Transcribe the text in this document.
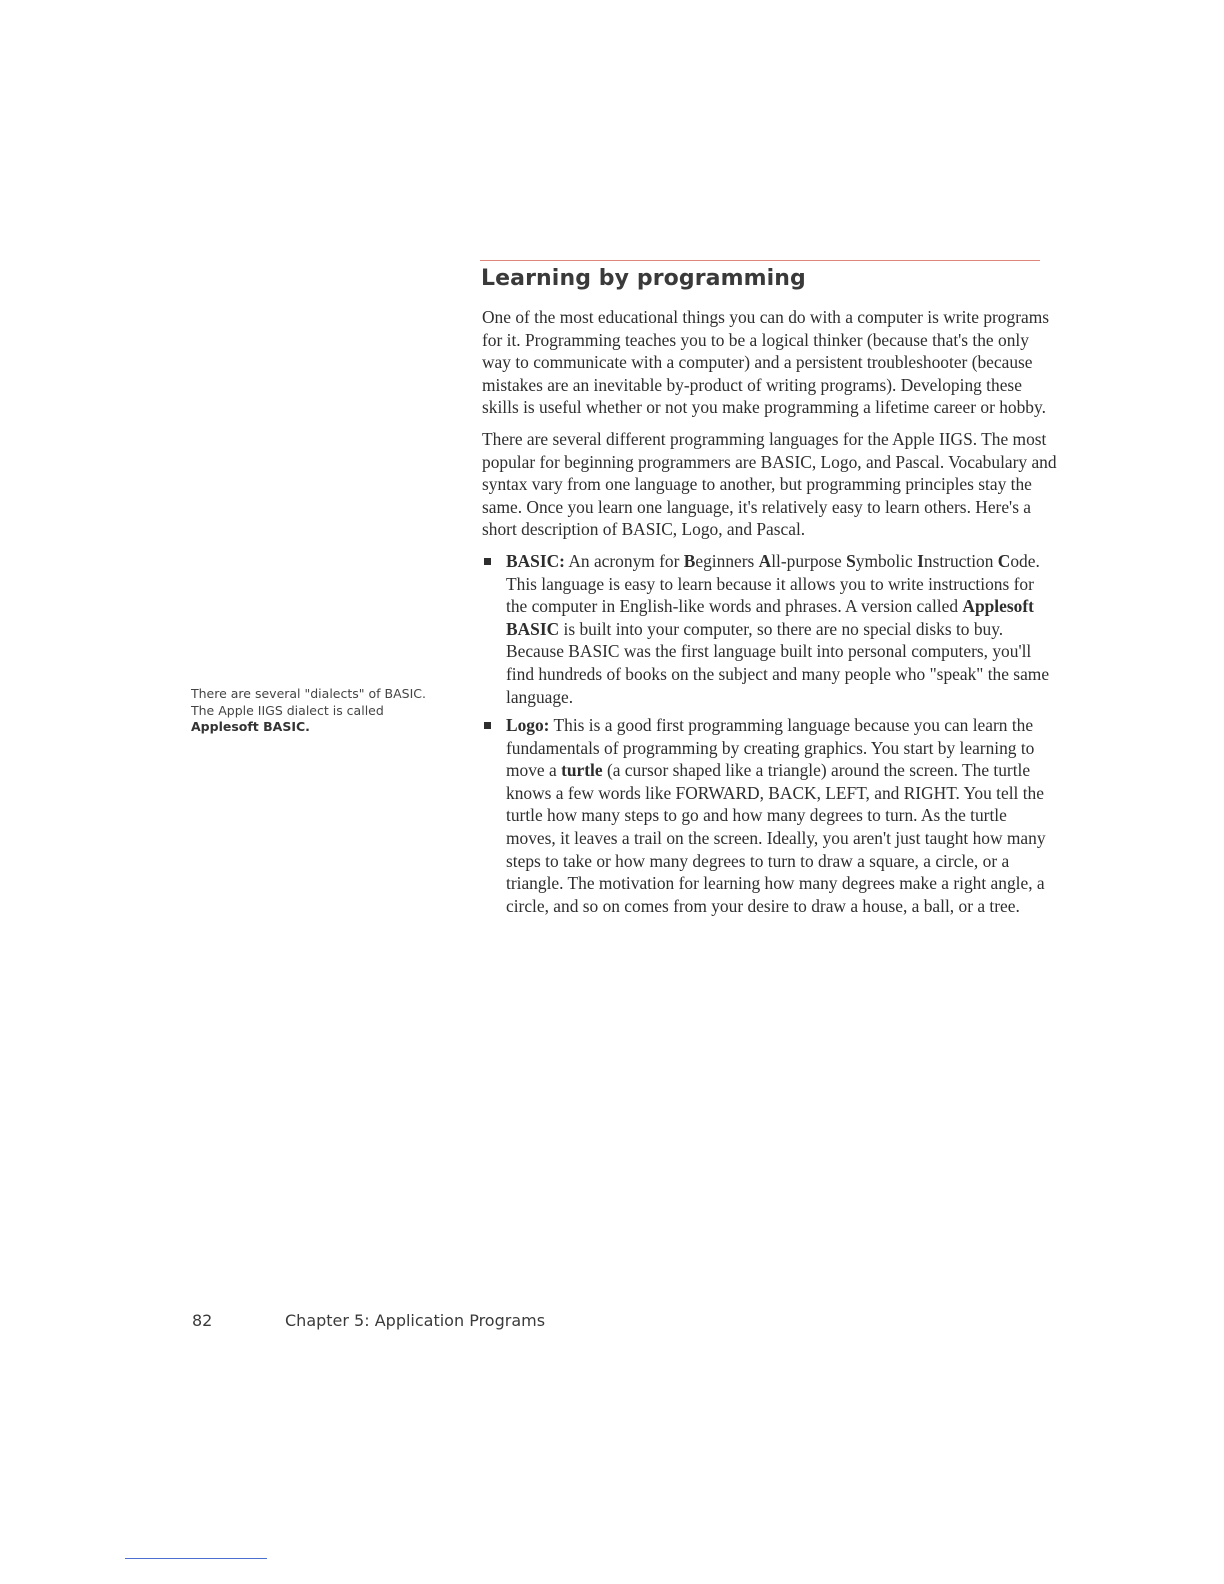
Learning by programming

One of the most educational things you can do with a computer is write programs for it. Programming teaches you to be a logical thinker (because that's the only way to communicate with a computer) and a persistent troubleshooter (because mistakes are an inevitable by-product of writing programs). Developing these skills is useful whether or not you make programming a lifetime career or hobby.

There are several different programming languages for the Apple IIGS. The most popular for beginning programmers are BASIC, Logo, and Pascal. Vocabulary and syntax vary from one language to another, but programming principles stay the same. Once you learn one language, it's relatively easy to learn others. Here's a short description of BASIC, Logo, and Pascal.

BASIC: An acronym for Beginners All-purpose Symbolic Instruction Code. This language is easy to learn because it allows you to write instructions for the computer in English-like words and phrases. A version called Applesoft BASIC is built into your computer, so there are no special disks to buy. Because BASIC was the first language built into personal computers, you'll find hundreds of books on the subject and many people who "speak" the same language.
Logo: This is a good first programming language because you can learn the fundamentals of programming by creating graphics. You start by learning to move a turtle (a cursor shaped like a triangle) around the screen. The turtle knows a few words like FORWARD, BACK, LEFT, and RIGHT. You tell the turtle how many steps to go and how many degrees to turn. As the turtle moves, it leaves a trail on the screen. Ideally, you aren't just taught how many steps to take or how many degrees to turn to draw a square, a circle, or a triangle. The motivation for learning how many degrees make a right angle, a circle, and so on comes from your desire to draw a house, a ball, or a tree.
There are several "dialects" of BASIC. The Apple IIGS dialect is called Applesoft BASIC.
82	Chapter 5: Application Programs
